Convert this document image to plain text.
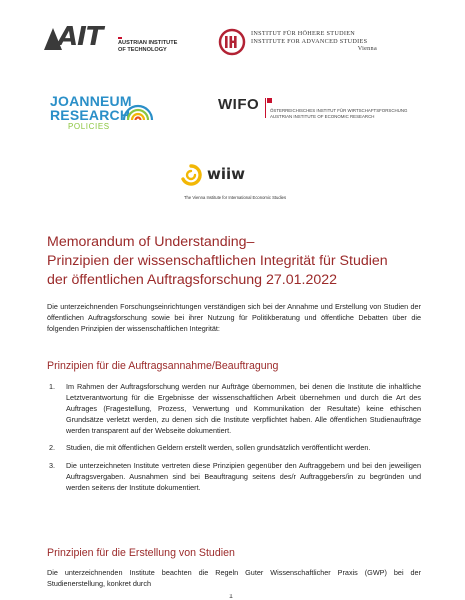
AIT	AUSTRIAN INSTITUTE
OF TECHNOLOGY
INSTITUT FÜR HÖHERE STUDIEN
INSTITUTE FOR ADVANCED STUDIES
Vienna
JOANNEUM
RESEARCH
POLICIES
WIFO ÖSTERREICHISCHES INSTITUT FÜR WIRTSCHAFTSFORSCHUNG
AUSTRIAN INSTITUTE OF ECONOMIC RESEARCH
wiiw
The Vienna Institute for International Economic Studies
Memorandum of Understanding–
Prinzipien der wissenschaftlichen Integrität für Studien
der öffentlichen Auftragsforschung 27.01.2022
Die unterzeichnenden Forschungseinrichtungen verständigen sich bei der Annahme und Erstellung von Studien der öffentlichen Auftragsforschung sowie bei ihrer Nutzung für Politikberatung und öffentliche Debatten über die folgenden Prinzipien der wissenschaftlichen Integrität:
Prinzipien für die Auftragsannahme/Beauftragung
1. Im Rahmen der Auftragsforschung werden nur Aufträge übernommen, bei denen die Institute die inhaltliche Letztverantwortung für die Ergebnisse der wissenschaftlichen Arbeit übernehmen und durch die Art des Auftrages (Fragestellung, Prozess, Verwertung und Kommunikation der Resultate) keine ethischen Grundsätze verletzt werden, zu denen sich die Institute verpflichtet haben. Alle öffentlichen Studienaufträge werden transparent auf der Webseite dokumentiert.
2. Studien, die mit öffentlichen Geldern erstellt werden, sollen grundsätzlich veröffentlicht werden.
3. Die unterzeichneten Institute vertreten diese Prinzipien gegenüber den Auftraggebern und bei den jeweiligen Auftragsvergaben. Ausnahmen sind bei Beauftragung seitens des/r Auftraggebers/in zu begründen und werden seitens der Institute dokumentiert.
Prinzipien für die Erstellung von Studien
Die unterzeichnenden Institute beachten die Regeln Guter Wissenschaftlicher Praxis (GWP) bei der Studienerstellung, konkret durch
1
